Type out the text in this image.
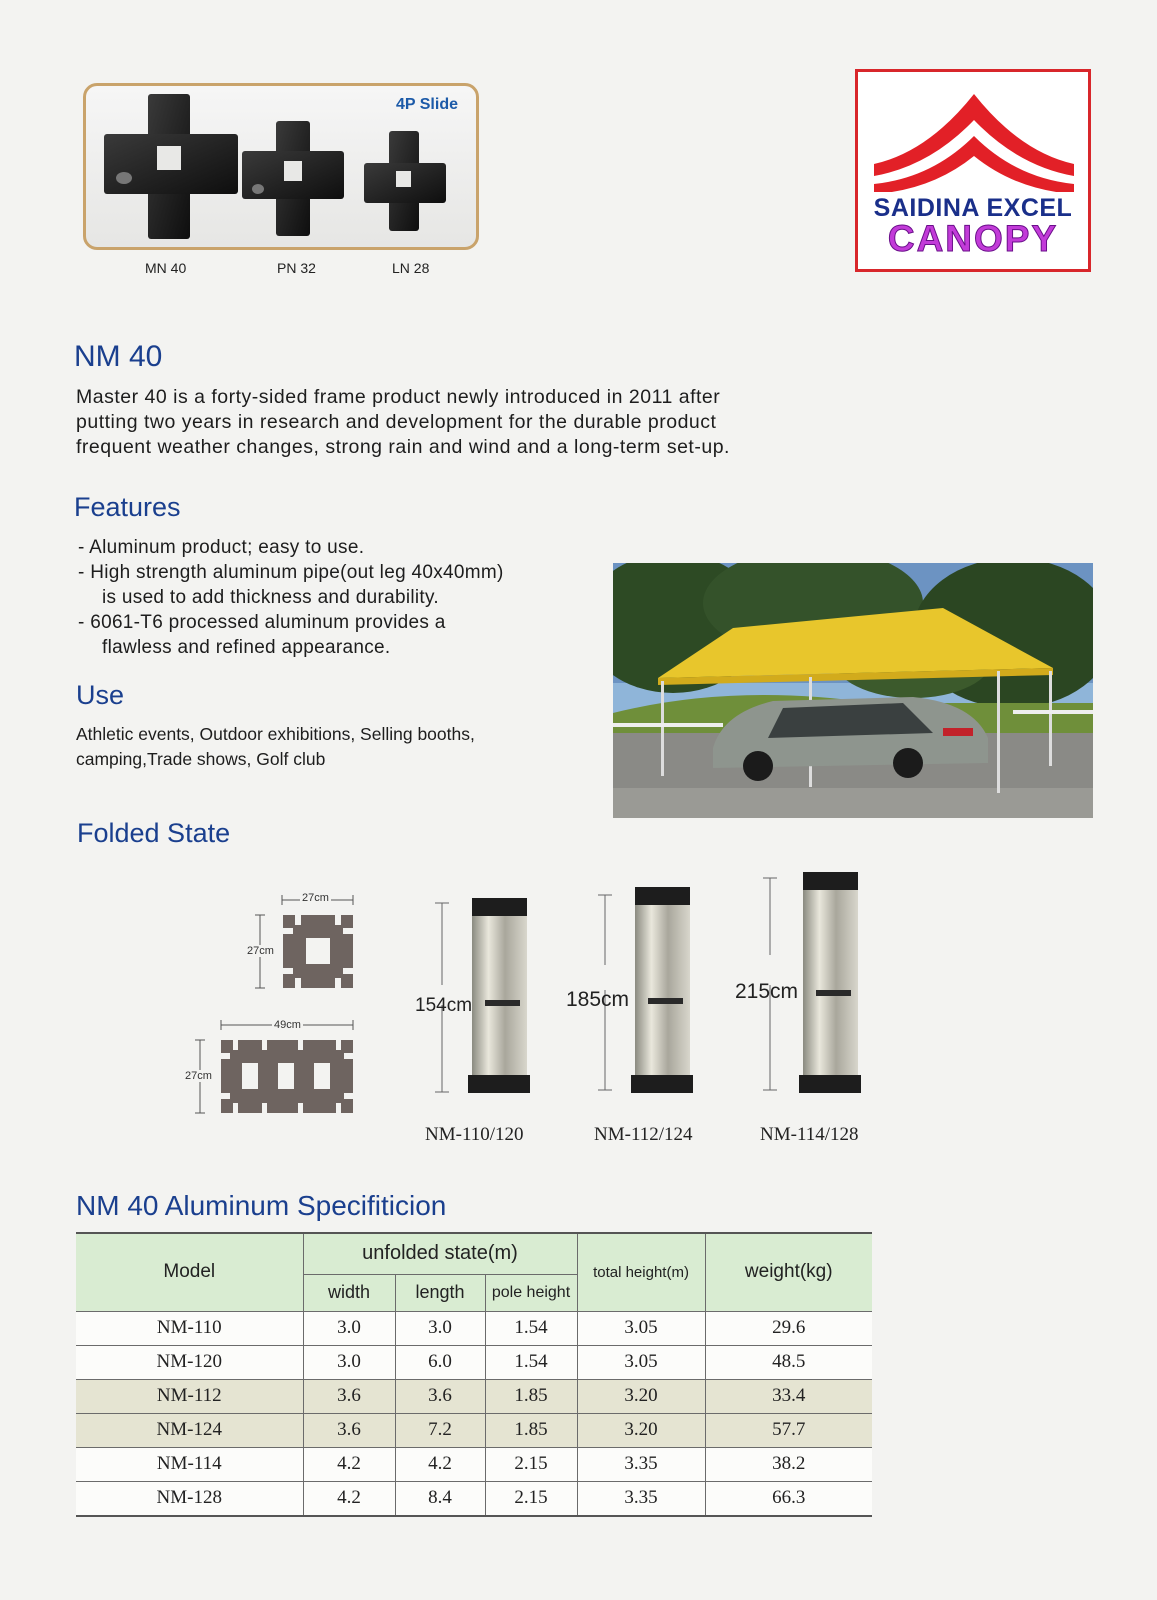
4P Slide
MN 40	PN 32	LN 28
SAIDINA EXCEL
CANOPY
NM 40
Master 40 is a forty-sided frame product newly introduced in 2011 after
putting two years in research and development for the durable product
frequent weather changes, strong rain and wind and a long-term set-up.
Features
- Aluminum product; easy to use.
- High strength aluminum pipe(out leg 40x40mm)
is used to add thickness and durability.
- 6061-T6 processed aluminum provides a
flawless and refined appearance.
Use
Athletic events, Outdoor exhibitions, Selling booths,
camping,Trade shows, Golf club
Folded State
27cm
27cm
49cm
27cm
154cm	185cm	215cm
NM-110/120	NM-112/124	NM-114/128
NM 40 Aluminum Specifiticion
Model	unfolded state(m)			total height(m)	weight(kg)
	width	length	pole height		
NM-110	3.0	3.0	1.54	3.05	29.6
NM-120	3.0	6.0	1.54	3.05	48.5
NM-112	3.6	3.6	1.85	3.20	33.4
NM-124	3.6	7.2	1.85	3.20	57.7
NM-114	4.2	4.2	2.15	3.35	38.2
NM-128	4.2	8.4	2.15	3.35	66.3
